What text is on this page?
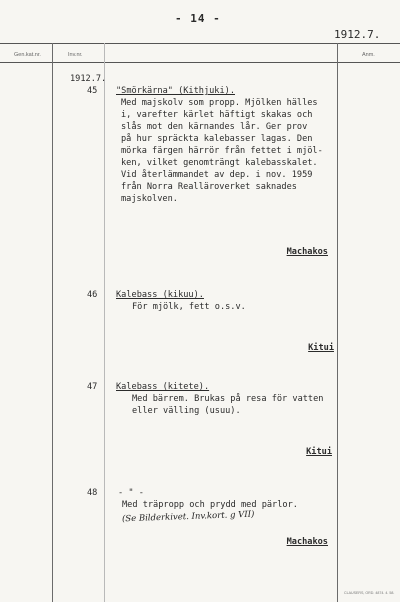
- 14 -
1912.7.
Gen.kat.nr.	Inv.nr.	Anm.
1912.7.
45 "Smörkärna" (Kithjuki).
Med majskolv som propp. Mjölken hälles
i, varefter kärlet häftigt skakas och
slås mot den kärnandes lår. Ger prov
på hur spräckta kalebasser lagas. Den
mörka färgen härrör från fettet i mjöl-
ken, vilket genomträngt kalebasskalet.
Vid återlämmandet av dep. i nov. 1959
från Norra Realläroverket saknades
majskolven.
Machakos
46 Kalebass (kikuu).
För mjölk, fett o.s.v.
Kitui
47 Kalebass (kitete).
Med bärrem. Brukas på resa för vatten
eller välling (usuu).
Kitui
48 - " -
Med träpropp och prydd med pärlor.
(Se Bilderkivet. Inv.kort. g VII)
Machakos
CLAUSERS, ORD. 4874. 4. 58.
